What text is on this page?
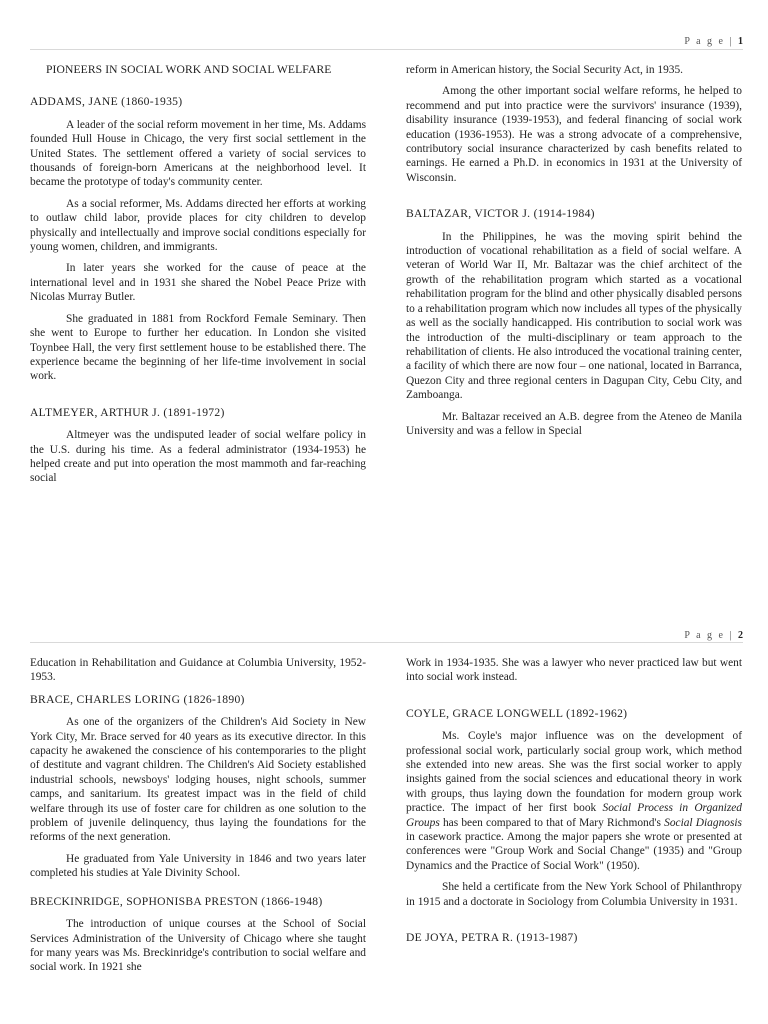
P a g e | 1
PIONEERS IN SOCIAL WORK AND SOCIAL WELFARE
ADDAMS, JANE (1860-1935)

A leader of the social reform movement in her time, Ms. Addams founded Hull House in Chicago, the very first social settlement in the United States. The settlement offered a variety of social services to thousands of foreign-born Americans at the neighborhood level. It became the prototype of today's community center.

As a social reformer, Ms. Addams directed her efforts at working to outlaw child labor, provide places for city children to develop physically and intellectually and improve social conditions especially for young women, children, and immigrants.

In later years she worked for the cause of peace at the international level and in 1931 she shared the Nobel Peace Prize with Nicolas Murray Butler.

She graduated in 1881 from Rockford Female Seminary. Then she went to Europe to further her education. In London she visited Toynbee Hall, the very first settlement house to be established there. The experience became the beginning of her life-time involvement in social work.

ALTMEYER, ARTHUR J. (1891-1972)

Altmeyer was the undisputed leader of social welfare policy in the U.S. during his time. As a federal administrator (1934-1953) he helped create and put into operation the most mammoth and far-reaching social

reform in American history, the Social Security Act, in 1935.

Among the other important social welfare reforms, he helped to recommend and put into practice were the survivors' insurance (1939), disability insurance (1939-1953), and federal financing of social work education (1936-1953). He was a strong advocate of a comprehensive, contributory social insurance characterized by cash benefits related to earnings. He earned a Ph.D. in economics in 1931 at the University of Wisconsin.

BALTAZAR, VICTOR J. (1914-1984)

In the Philippines, he was the moving spirit behind the introduction of vocational rehabilitation as a field of social welfare. A veteran of World War II, Mr. Baltazar was the chief architect of the growth of the rehabilitation program which started as a vocational rehabilitation program for the blind and other physically disabled persons to a rehabilitation program which now includes all types of the physically as well as the socially handicapped. His contribution to social work was the introduction of the multi-disciplinary or team approach to the rehabilitation of clients. He also introduced the vocational training center, a facility of which there are now four – one national, located in Barranca, Quezon City and three regional centers in Dagupan City, Cebu City, and Zamboanga.

Mr. Baltazar received an A.B. degree from the Ateneo de Manila University and was a fellow in Special

P a g e | 2

Education in Rehabilitation and Guidance at Columbia University, 1952-1953.

BRACE, CHARLES LORING (1826-1890)

As one of the organizers of the Children's Aid Society in New York City, Mr. Brace served for 40 years as its executive director. In this capacity he awakened the conscience of his contemporaries to the plight of destitute and vagrant children. The Children's Aid Society established industrial schools, newsboys' lodging houses, night schools, summer camps, and sanitarium. Its greatest impact was in the field of child welfare through its use of foster care for children as one solution to the problem of juvenile delinquency, thus laying the foundations for the reforms of the next generation.

He graduated from Yale University in 1846 and two years later completed his studies at Yale Divinity School.

BRECKINRIDGE, SOPHONISBA PRESTON (1866-1948)

The introduction of unique courses at the School of Social Services Administration of the University of Chicago where she taught for many years was Ms. Breckinridge's contribution to social welfare and social work. In 1921 she

Work in 1934-1935. She was a lawyer who never practiced law but went into social work instead.

COYLE, GRACE LONGWELL (1892-1962)

Ms. Coyle's major influence was on the development of professional social work, particularly social group work, which method she extended into new areas. She was the first social worker to apply insights gained from the social sciences and educational theory in work with groups, thus laying down the foundation for modern group work practice. The impact of her first book Social Process in Organized Groups has been compared to that of Mary Richmond's Social Diagnosis in casework practice. Among the major papers she wrote or presented at conferences were "Group Work and Social Change" (1935) and "Group Dynamics and the Practice of Social Work" (1950).

She held a certificate from the New York School of Philanthropy in 1915 and a doctorate in Sociology from Columbia University in 1931.

DE JOYA, PETRA R. (1913-1987)
